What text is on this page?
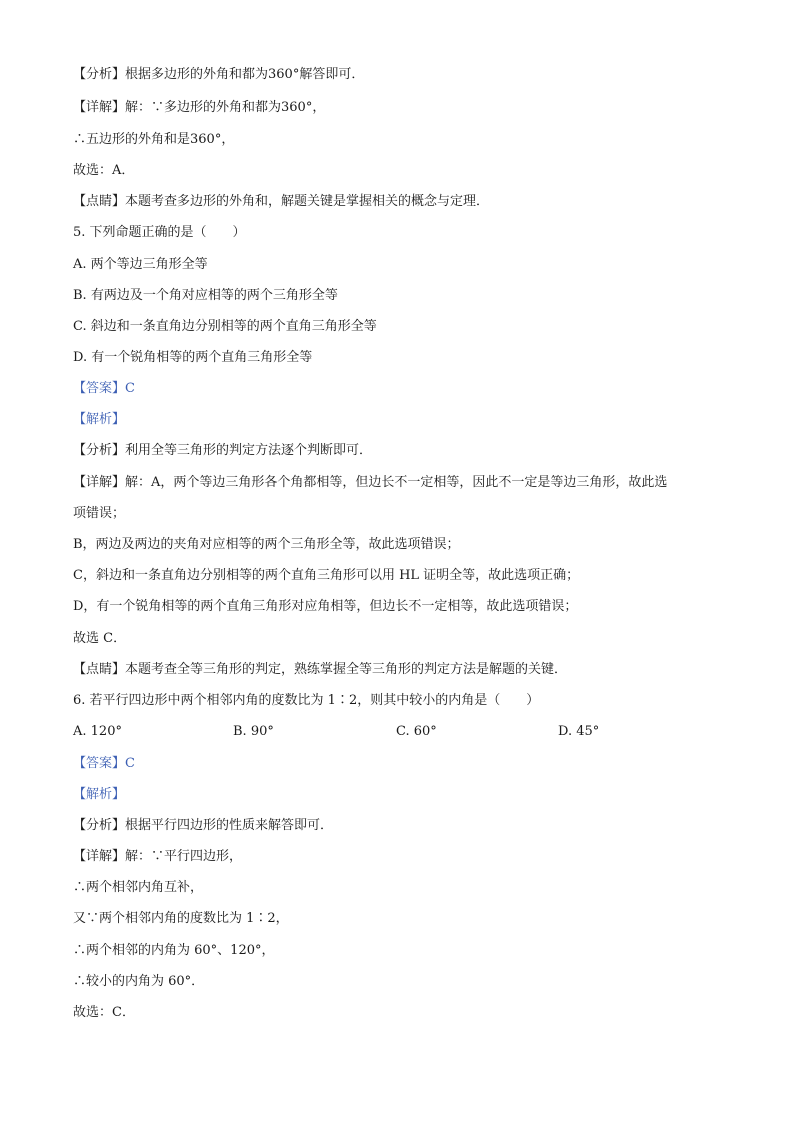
【分析】根据多边形的外角和都为360°解答即可．
【详解】解：∵多边形的外角和都为360°，
∴五边形的外角和是360°，
故选：A．
【点睛】本题考查多边形的外角和，解题关键是掌握相关的概念与定理．
5. 下列命题正确的是（　　）
A. 两个等边三角形全等
B. 有两边及一个角对应相等的两个三角形全等
C. 斜边和一条直角边分别相等的两个直角三角形全等
D. 有一个锐角相等的两个直角三角形全等
【答案】C
【解析】
【分析】利用全等三角形的判定方法逐个判断即可．
【详解】解：A，两个等边三角形各个角都相等，但边长不一定相等，因此不一定是等边三角形，故此选
项错误；
B，两边及两边的夹角对应相等的两个三角形全等，故此选项错误；
C，斜边和一条直角边分别相等的两个直角三角形可以用 HL 证明全等，故此选项正确；
D，有一个锐角相等的两个直角三角形对应角相等，但边长不一定相等，故此选项错误；
故选 C．
【点睛】本题考查全等三角形的判定，熟练掌握全等三角形的判定方法是解题的关键．
6. 若平行四边形中两个相邻内角的度数比为 1∶2，则其中较小的内角是（　　）
A. 120°	B. 90°	C. 60°	D. 45°
【答案】C
【解析】
【分析】根据平行四边形的性质来解答即可．
【详解】解：∵平行四边形，
∴两个相邻内角互补，
又∵两个相邻内角的度数比为 1∶2，
∴两个相邻的内角为 60°、120°，
∴较小的内角为 60°．
故选：C．
